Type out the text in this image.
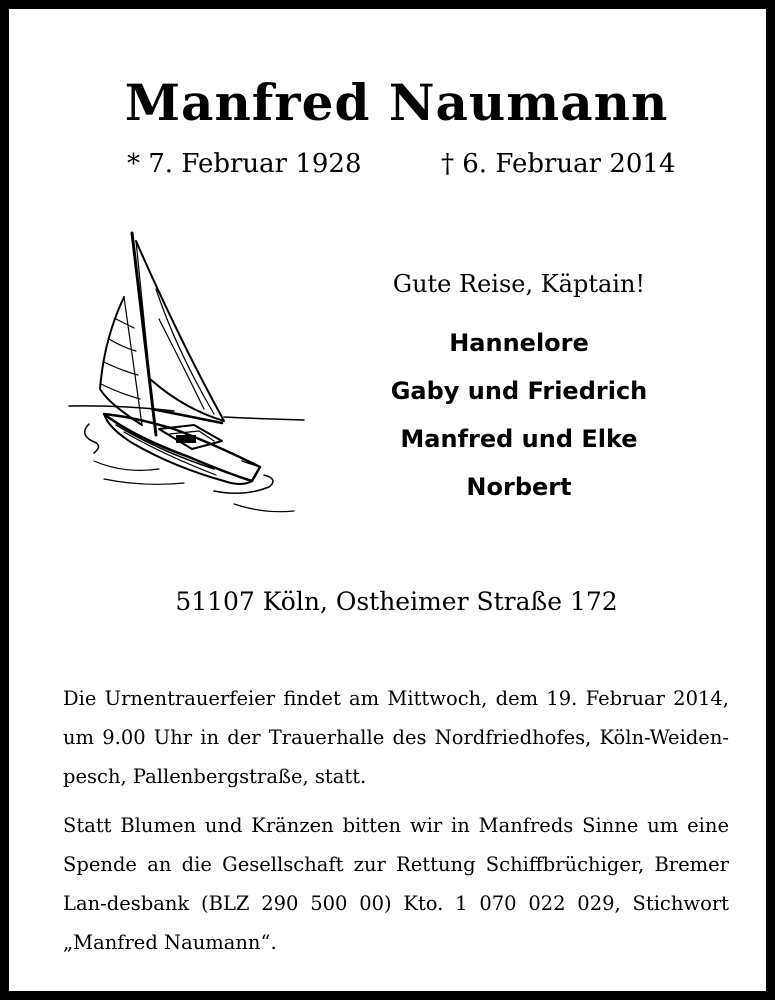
Manfred Naumann
* 7. Februar 1928	† 6. Februar 2014
Gute Reise, Käptain!
Hannelore
Gaby und Friedrich
Manfred und Elke
Norbert
51107 Köln, Ostheimer Straße 172

Die Urnentrauerfeier findet am Mittwoch, dem 19. Februar 2014, um 9.00 Uhr in der Trauerhalle des Nordfriedhofes, Köln-Weiden-pesch, Pallenbergstraße, statt.

Statt Blumen und Kränzen bitten wir in Manfreds Sinne um eine Spende an die Gesellschaft zur Rettung Schiffbrüchiger, Bremer Lan-desbank (BLZ 290 500 00) Kto. 1 070 022 029, Stichwort „Manfred Naumann“.
